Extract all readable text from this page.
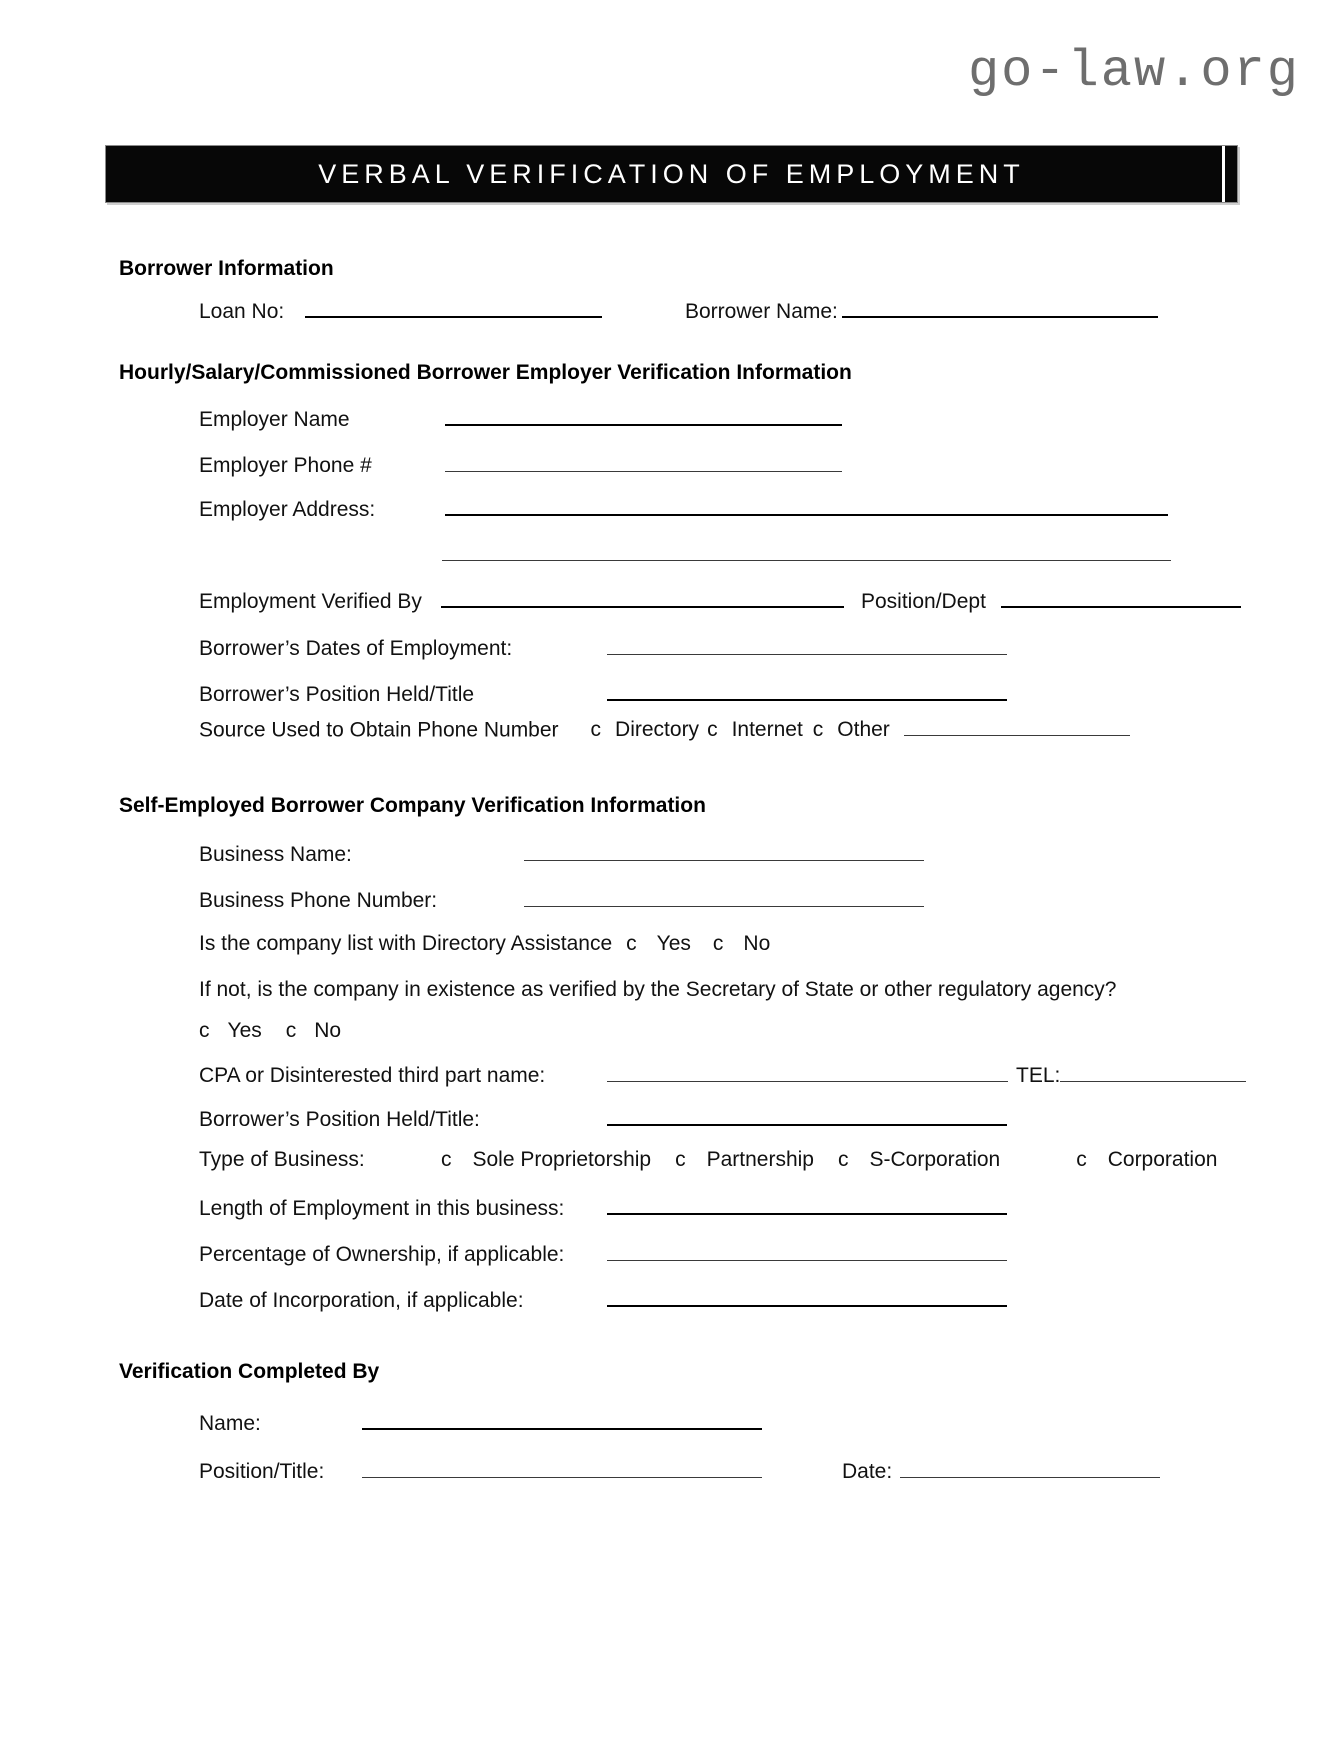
go-law.org
VERBAL VERIFICATION OF EMPLOYMENT
Borrower Information
Loan No:	Borrower Name:
Hourly/Salary/Commissioned Borrower Employer Verification Information
Employer Name
Employer Phone #
Employer Address:
Employment Verified By	Position/Dept
Borrower’s Dates of Employment:
Borrower’s Position Held/Title
Source Used to Obtain Phone Number c Directory c Internet c Other
Self-Employed Borrower Company Verification Information
Business Name:
Business Phone Number:
Is the company list with Directory Assistance c Yes c No
If not, is the company in existence as verified by the Secretary of State or other regulatory agency?
c Yes c No
CPA or Disinterested third part name:	TEL:
Borrower’s Position Held/Title:
Type of Business:	c Sole Proprietorship c Partnership c S-Corporation	c Corporation
Length of Employment in this business:
Percentage of Ownership, if applicable:
Date of Incorporation, if applicable:
Verification Completed By
Name:
Position/Title:	Date:
